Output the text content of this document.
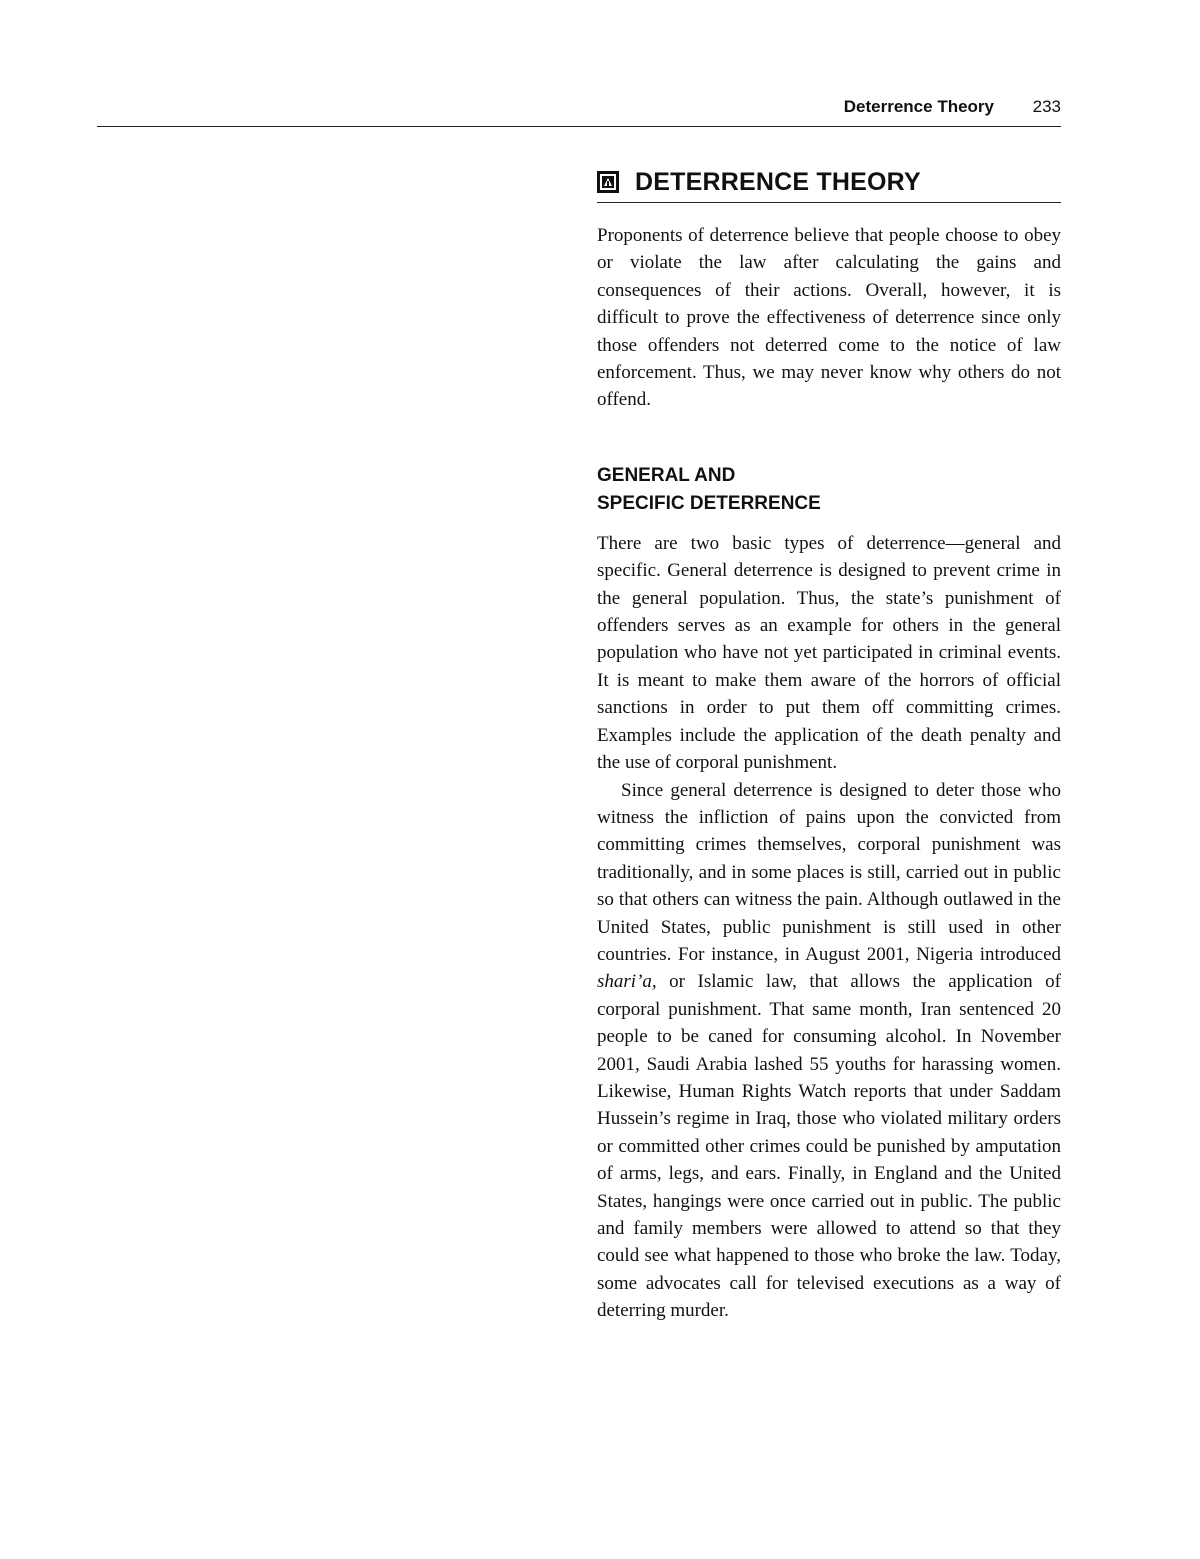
Deterrence Theory 233
DETERRENCE THEORY

Proponents of deterrence believe that people choose to obey or violate the law after calculating the gains and consequences of their actions. Overall, however, it is difficult to prove the effectiveness of deterrence since only those offenders not deterred come to the notice of law enforcement. Thus, we may never know why others do not offend.

GENERAL AND
SPECIFIC DETERRENCE

There are two basic types of deterrence—general and specific. General deterrence is designed to prevent crime in the general population. Thus, the state’s punishment of offenders serves as an example for others in the general population who have not yet participated in criminal events. It is meant to make them aware of the horrors of official sanctions in order to put them off committing crimes. Examples include the application of the death penalty and the use of corporal punishment.

Since general deterrence is designed to deter those who witness the infliction of pains upon the convicted from committing crimes themselves, corporal punishment was traditionally, and in some places is still, carried out in public so that others can witness the pain. Although outlawed in the United States, public punishment is still used in other countries. For instance, in August 2001, Nigeria introduced shari’a, or Islamic law, that allows the application of corporal punishment. That same month, Iran sentenced 20 people to be caned for consuming alcohol. In November 2001, Saudi Arabia lashed 55 youths for harassing women. Likewise, Human Rights Watch reports that under Saddam Hussein’s regime in Iraq, those who violated military orders or committed other crimes could be punished by amputation of arms, legs, and ears. Finally, in England and the United States, hangings were once carried out in public. The public and family members were allowed to attend so that they could see what happened to those who broke the law. Today, some advocates call for televised executions as a way of deterring murder.
